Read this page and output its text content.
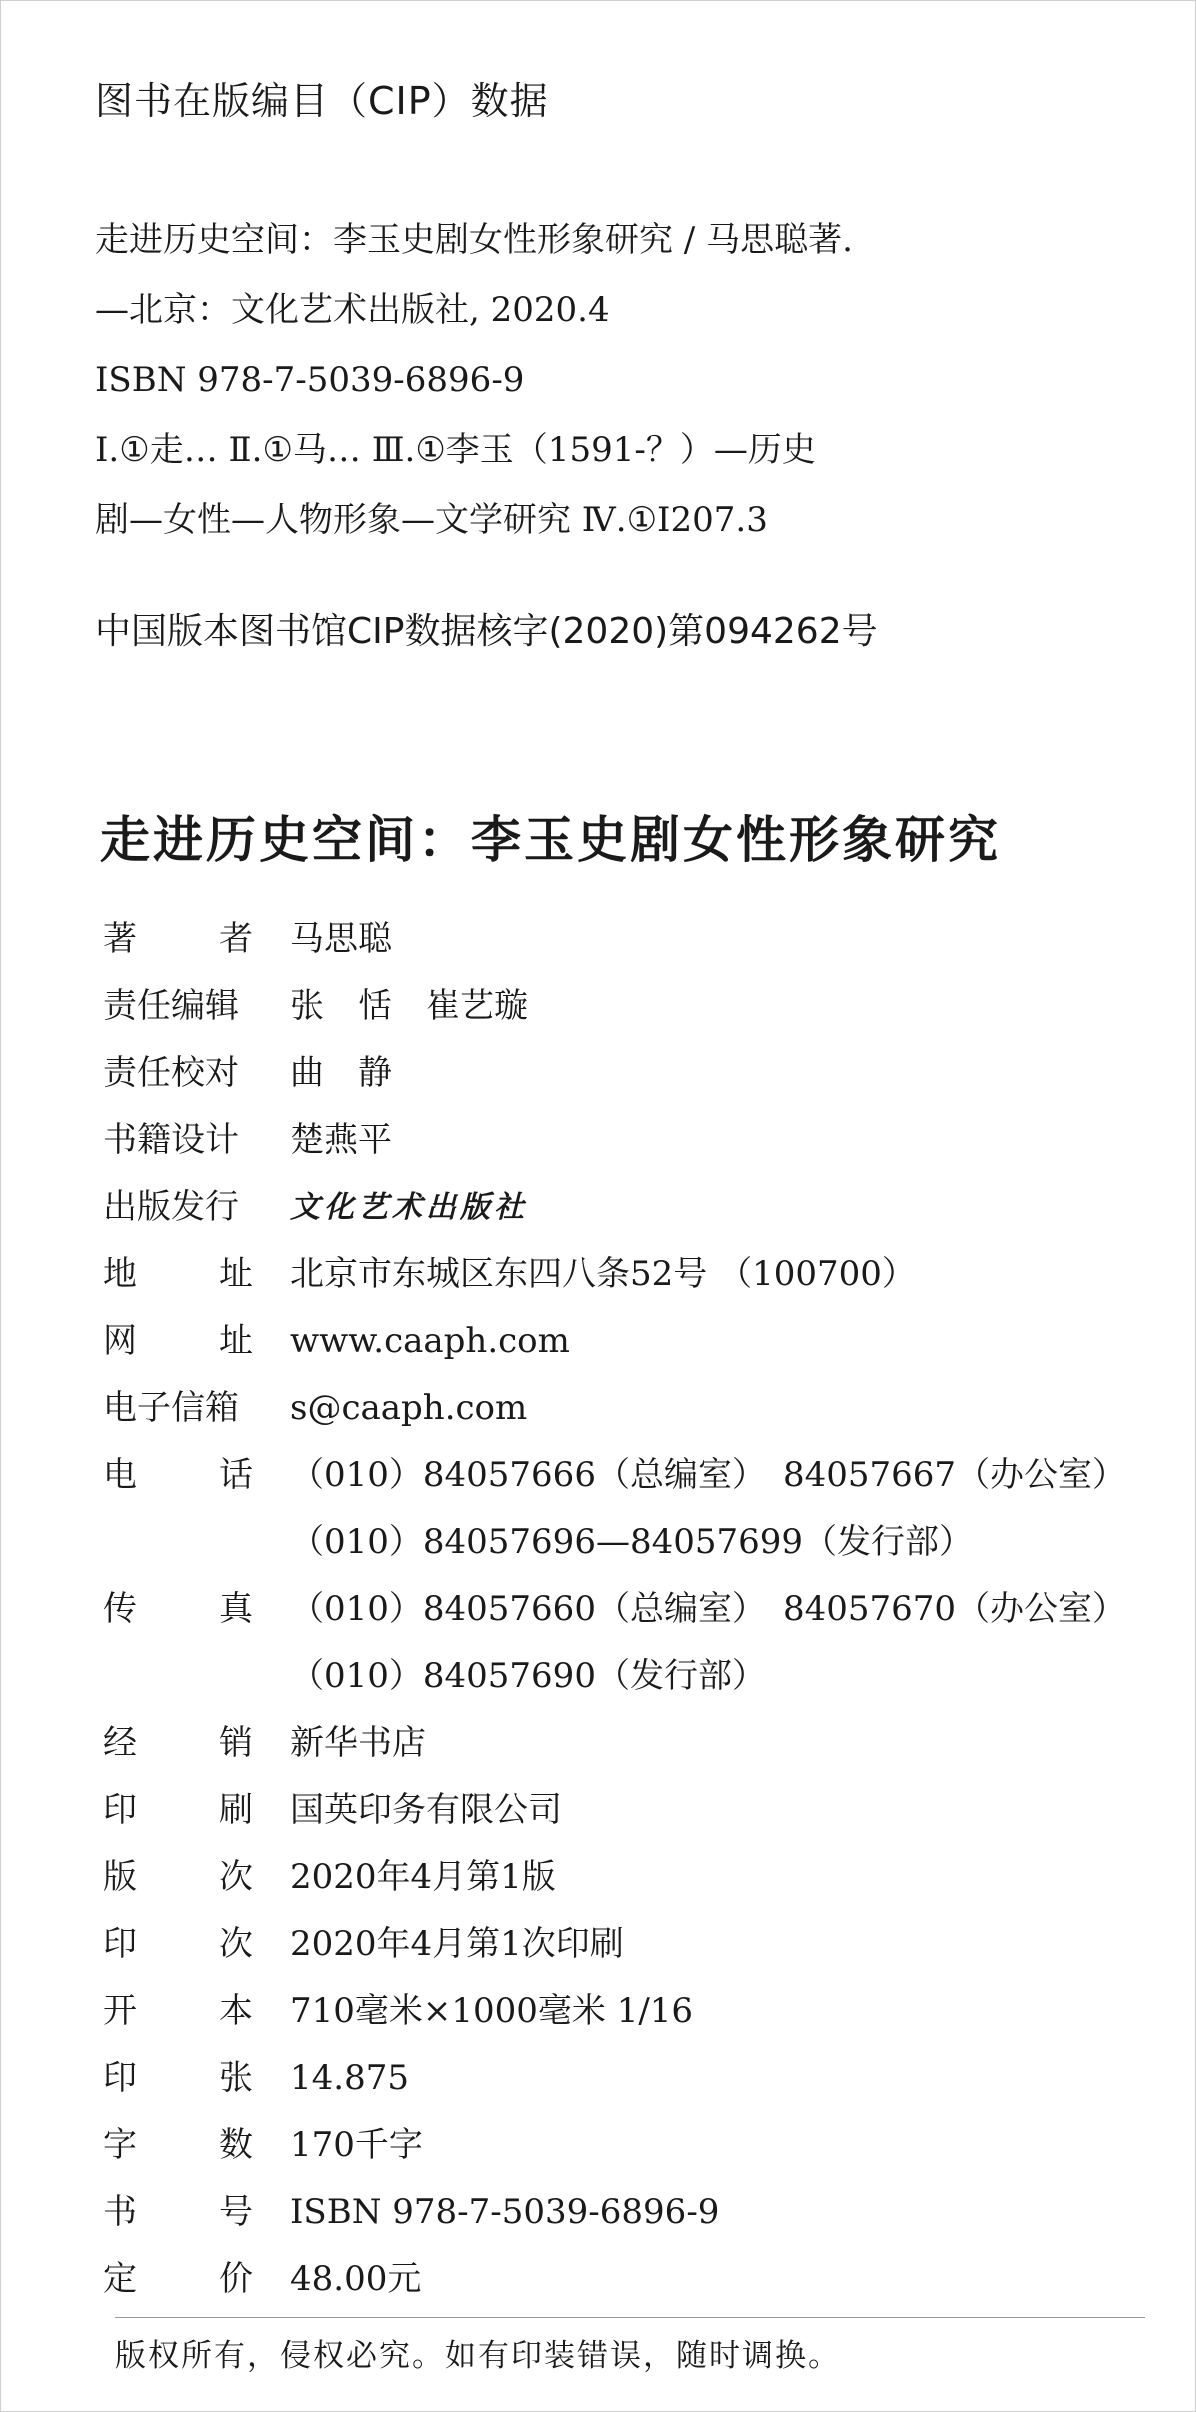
图书在版编目（CIP）数据
走进历史空间：李玉史剧女性形象研究 / 马思聪著.
—北京：文化艺术出版社, 2020.4
ISBN 978-7-5039-6896-9
Ⅰ.①走… Ⅱ.①马… Ⅲ.①李玉（1591-？）—历史
剧—女性—人物形象—文学研究 Ⅳ.①I207.3
中国版本图书馆CIP数据核字(2020)第094262号
走进历史空间：李玉史剧女性形象研究
著 者 马思聪
责任编辑 张　恬　崔艺璇
责任校对 曲　静
书籍设计 楚燕平
出版发行 文化艺术出版社
地 址 北京市东城区东四八条52号 （100700）
网 址 www.caaph.com
电子信箱 s@caaph.com
电 话 （010）84057666（总编室）　84057667（办公室）
（010）84057696—84057699（发行部）
传 真 （010）84057660（总编室）　84057670（办公室）
（010）84057690（发行部）
经 销 新华书店
印 刷 国英印务有限公司
版 次 2020年4月第1版
印 次 2020年4月第1次印刷
开 本 710毫米×1000毫米 1/16
印 张 14.875
字 数 170千字
书 号 ISBN 978-7-5039-6896-9
定 价 48.00元
版权所有，侵权必究。如有印装错误，随时调换。
